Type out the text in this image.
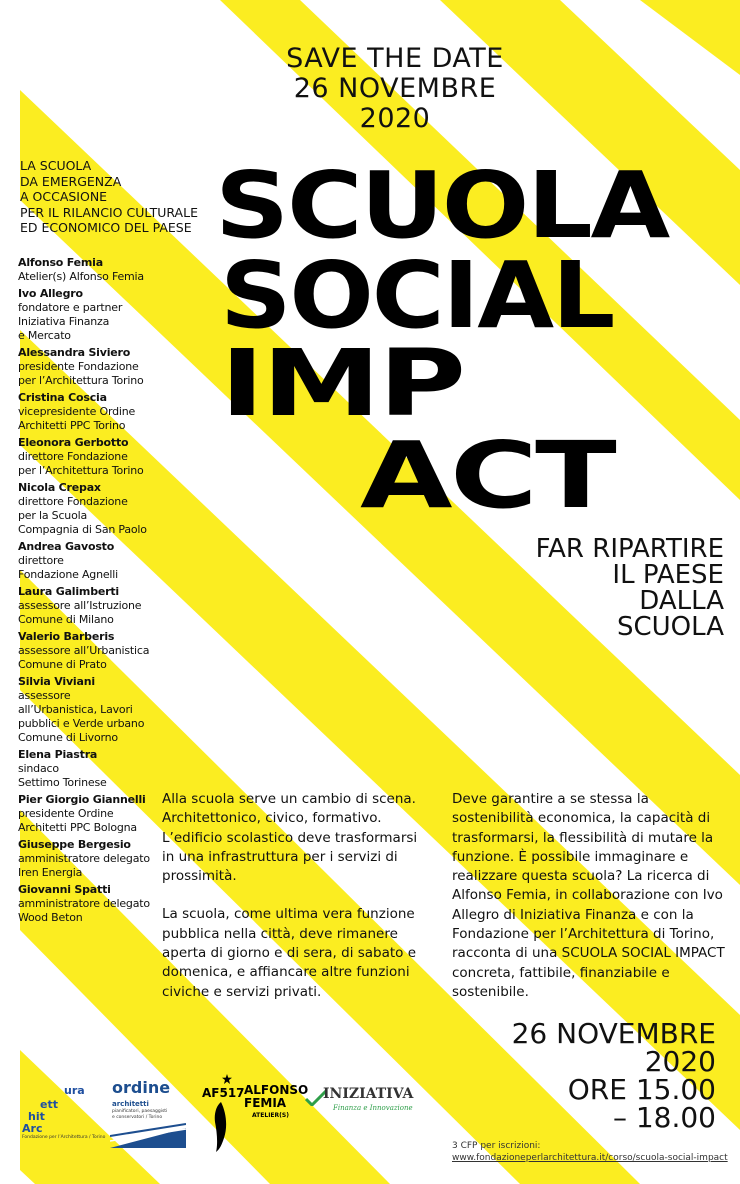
SAVE THE DATE
26 NOVEMBRE
2020
LA SCUOLA
DA EMERGENZA
A OCCASIONE
PER IL RILANCIO CULTURALE
ED ECONOMICO DEL PAESE SCUOLA
SOCIAL
IMP
ACT
FAR RIPARTIRE
IL PAESE
DALLA
SCUOLA
Alfonso Femia
Atelier(s) Alfonso Femia
Ivo Allegro
fondatore e partner
Iniziativa Finanza
e Mercato
Alessandra Siviero
presidente Fondazione
per l’Architettura Torino
Cristina Coscia
vicepresidente Ordine
Architetti PPC Torino
Eleonora Gerbotto
direttore Fondazione
per l’Architettura Torino
Nicola Crepax
direttore Fondazione
per la Scuola
Compagnia di San Paolo
Andrea Gavosto
direttore
Fondazione Agnelli
Laura Galimberti
assessore all’Istruzione
Comune di Milano
Valerio Barberis
assessore all’Urbanistica
Comune di Prato
Silvia Viviani
assessore
all’Urbanistica, Lavori
pubblici e Verde urbano
Comune di Livorno
Elena Piastra
sindaco
Settimo Torinese
Pier Giorgio Giannelli
presidente Ordine
Architetti PPC Bologna
Giuseppe Bergesio
amministratore delegato
Iren Energia
Giovanni Spatti
amministratore delegato
Wood Beton

Alla scuola serve un cambio di scena. Architettonico, civico, formativo. L’edificio scolastico deve trasformarsi in una infrastruttura per i servizi di prossimità.

La scuola, come ultima vera funzione pubblica nella città, deve rimanere aperta di giorno e di sera, di sabato e domenica, e affiancare altre funzioni civiche e servizi privati.

Deve garantire a se stessa la sostenibilità economica, la capacità di trasformarsi, la flessibilità di mutare la funzione. È possibile immaginare e realizzare questa scuola? La ricerca di Alfonso Femia, in collaborazione con Ivo Allegro di Iniziativa Finanza e con la Fondazione per l’Architettura di Torino, racconta di una SCUOLA SOCIAL IMPACT concreta, fattibile, finanziabile e sostenibile.

26 NOVEMBRE
2020
ORE 15.00
– 18.00
3 CFP per iscrizioni:
www.fondazioneperlarchitettura.it/corso/scuola-social-impact
ura
ett
hit
Arc
Fondazione per l’Architettura / Torino
ordine
architetti
pianificatori, paesaggisti
e conservatori / Torino
AF517 ALFONSO
FEMIA
ATELIER(S)
INIZIATIVA
Finanza e Innovazione
